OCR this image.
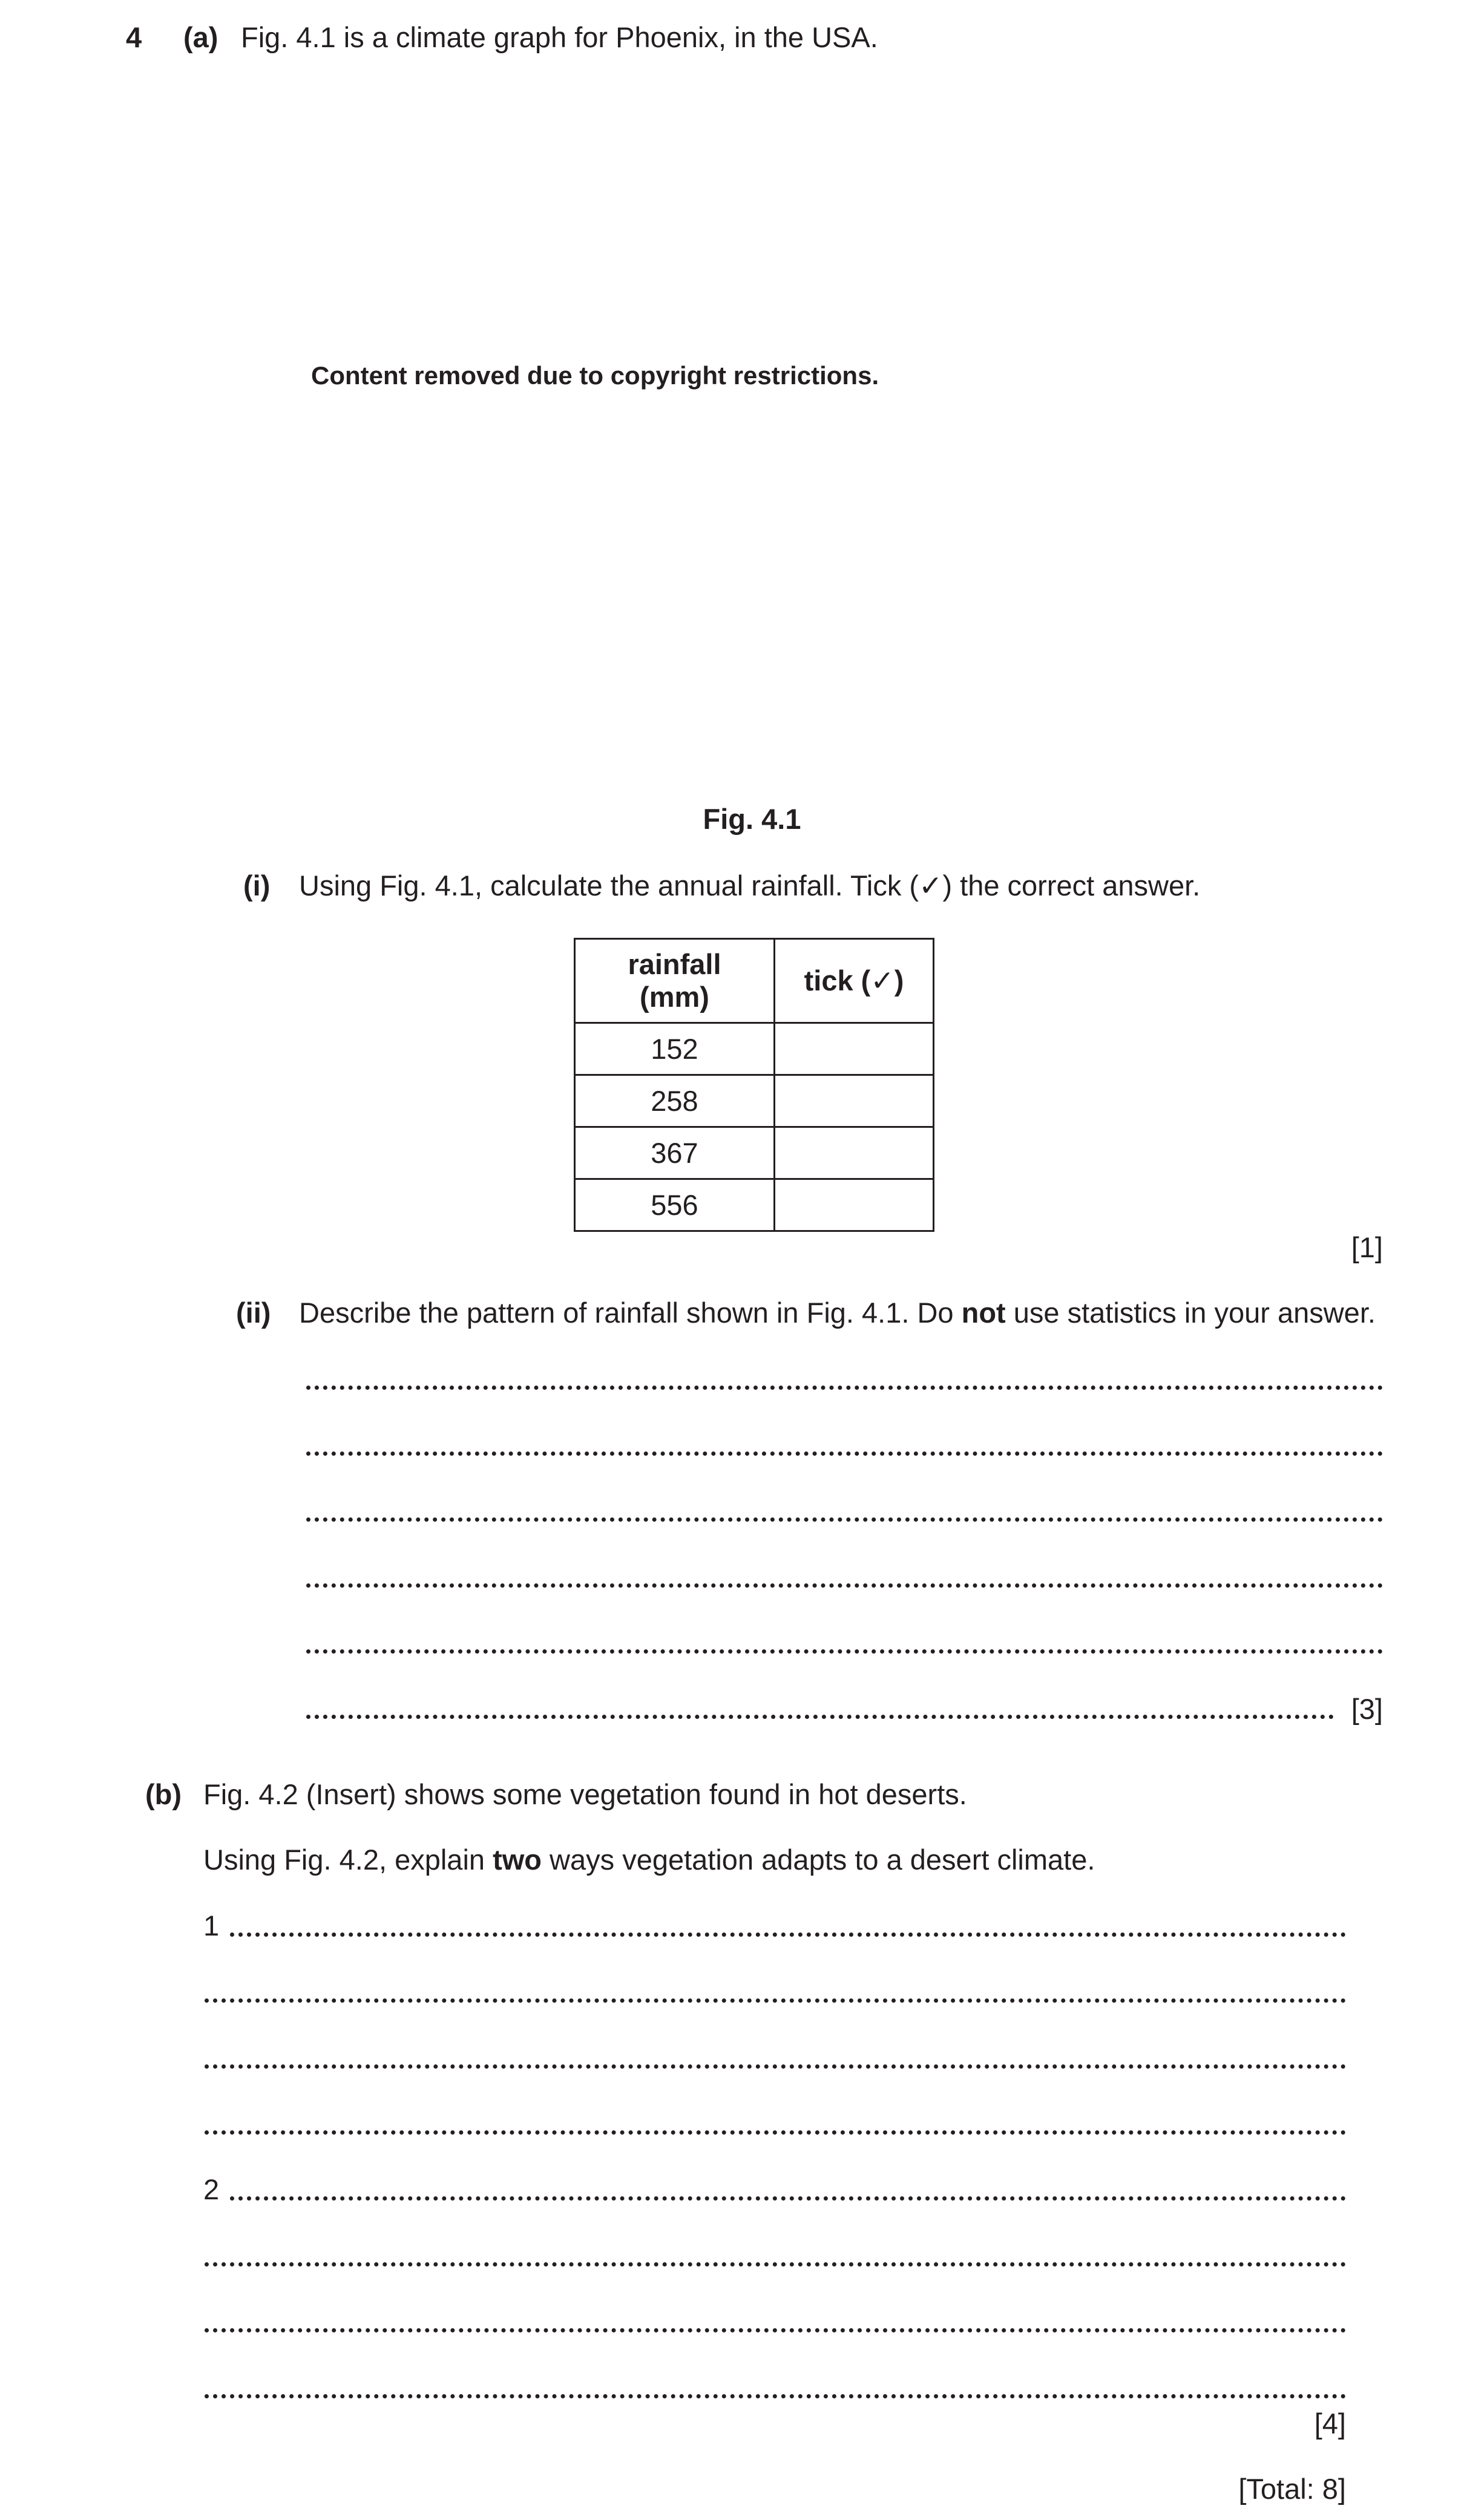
4 (a) Fig. 4.1 is a climate graph for Phoenix, in the USA.
Content removed due to copyright restrictions.
Fig. 4.1
(i) Using Fig. 4.1, calculate the annual rainfall. Tick (✓) the correct answer.
rainfall
(mm)	tick (✓)
152	
258	
367	
556	
[1]
(ii) Describe the pattern of rainfall shown in Fig. 4.1. Do not use statistics in your answer.
[3]
(b) Fig. 4.2 (Insert) shows some vegetation found in hot deserts.
Using Fig. 4.2, explain two ways vegetation adapts to a desert climate.
1
2
[4]
[Total: 8]
